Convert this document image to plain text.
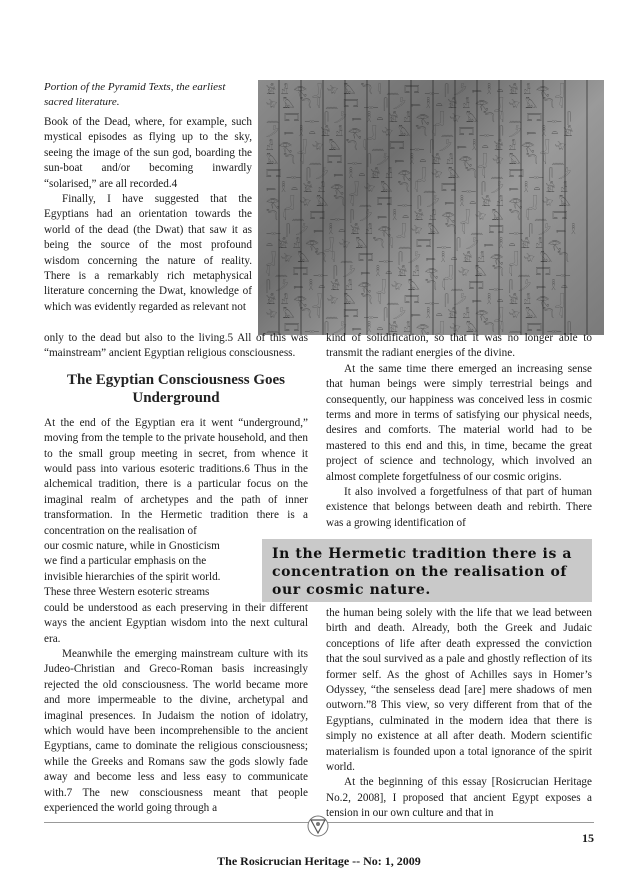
𓀀𓁐𓂀𓃀𓄀𓅓𓆓𓇋𓈖𓉐𓊃𓋴𓌳𓍿𓎛𓏏𓀀𓁐𓂀𓃀𓄀𓅓𓆓𓇋𓈖𓉐𓊃𓋴𓌳𓍿𓎛𓏏𓀀𓁐𓂀𓃀𓄀𓅓𓆓𓇋𓈖𓉐𓊃𓋴𓌳𓍿𓎛𓏏𓀀𓁐𓂀𓃀𓄀𓅓𓆓𓇋𓈖𓉐𓊃𓋴𓌳𓍿𓎛𓏏𓀀𓁐𓂀𓃀𓄀𓅓𓆓𓇋𓈖𓉐𓊃𓋴𓌳𓍿𓎛𓏏𓀀𓁐𓂀𓃀𓄀𓅓𓆓𓇋𓈖𓉐𓊃𓋴𓌳𓍿𓎛𓏏𓀀𓁐𓂀𓃀𓄀𓅓𓆓𓇋𓈖𓉐𓊃𓋴𓌳𓍿𓎛𓏏𓀀𓁐𓂀𓃀𓄀𓅓𓆓𓇋𓈖𓉐𓊃𓋴𓌳𓍿𓎛𓏏𓀀𓁐𓂀𓃀𓄀𓅓𓆓𓇋𓈖𓉐𓊃𓋴𓌳𓍿𓎛𓏏𓀀𓁐𓂀𓃀𓄀𓅓𓆓𓇋𓈖𓉐𓊃𓋴𓌳𓍿𓎛𓏏𓀀𓁐𓂀𓃀𓄀𓅓𓆓𓇋𓈖𓉐𓊃𓋴𓌳𓍿𓎛𓏏𓀀𓁐𓂀𓃀𓄀𓅓𓆓𓇋𓈖𓉐𓊃𓋴𓌳𓍿𓎛𓏏𓀀𓁐𓂀𓃀𓄀𓅓𓆓𓇋𓈖𓉐𓊃𓋴𓌳𓍿𓎛𓏏𓀀𓁐𓂀𓃀𓄀𓅓𓆓𓇋𓈖𓉐𓊃𓋴𓌳𓍿𓎛𓏏𓀀𓁐𓂀𓃀𓄀𓅓𓆓𓇋𓈖𓉐𓊃𓋴𓌳𓍿𓎛𓏏𓀀𓁐𓂀𓃀𓄀𓅓𓆓𓇋𓈖𓉐𓊃𓋴𓌳𓍿𓎛𓏏𓀀𓁐𓂀𓃀𓄀𓅓𓆓𓇋𓈖𓉐𓊃𓋴𓌳𓍿𓎛𓏏𓀀𓁐𓂀𓃀𓄀𓅓𓆓𓇋𓈖𓉐𓊃𓋴𓌳𓍿𓎛𓏏𓀀𓁐𓂀𓃀𓄀𓅓𓆓𓇋𓈖𓉐𓊃𓋴𓌳𓍿𓎛𓏏𓀀𓁐𓂀𓃀𓄀𓅓𓆓𓇋𓈖𓉐𓊃𓋴𓌳𓍿𓎛𓏏𓀀𓁐𓂀𓃀𓄀𓅓𓆓𓇋𓈖𓉐𓊃𓋴𓌳𓍿𓎛𓏏𓀀𓁐𓂀𓃀𓄀𓅓𓆓𓇋𓈖𓉐𓊃𓋴𓌳𓍿𓎛𓏏𓀀𓁐𓂀𓃀𓄀𓅓𓆓𓇋𓈖𓉐𓊃𓋴
Portion of the Pyramid Texts, the earliest sacred literature.

Book of the Dead, where, for example, such mystical episodes as flying up to the sky, seeing the image of the sun god, boarding the sun-boat and/or becoming inwardly “solarised,” are all recorded.4

Finally, I have suggested that the Egyptians had an orientation towards the world of the dead (the Dwat) that saw it as being the source of the most profound wisdom concerning the nature of reality. There is a remarkably rich metaphysical literature concerning the Dwat, knowledge of which was evidently regarded as relevant not

only to the dead but also to the living.5 All of this was “mainstream” ancient Egyptian religious consciousness.

The Egyptian Consciousness Goes Underground

At the end of the Egyptian era it went “underground,” moving from the temple to the private household, and then to the small group meeting in secret, from whence it would pass into various esoteric traditions.6 Thus in the alchemical tradition, there is a particular focus on the imaginal realm of archetypes and the path of inner transformation. In the Hermetic tradition there is a concentration on the realisation of

our cosmic nature, while in Gnosticism

we find a particular emphasis on the

invisible hierarchies of the spirit world.

These three Western esoteric streams

could be understood as each preserving in their different ways the ancient Egyptian wisdom into the next cultural era.

Meanwhile the emerging mainstream culture with its Judeo-Christian and Greco-Roman basis increasingly rejected the old consciousness. The world became more and more impermeable to the divine, archetypal and imaginal presences. In Judaism the notion of idolatry, which would have been incomprehensible to the ancient Egyptians, came to dominate the religious consciousness; while the Greeks and Romans saw the gods slowly fade away and become less and less easy to communicate with.7 The new consciousness meant that people experienced the world going through a

kind of solidification, so that it was no longer able to transmit the radiant energies of the divine.

At the same time there emerged an increasing sense that human beings were simply terrestrial beings and consequently, our happiness was conceived less in cosmic terms and more in terms of satisfying our physical needs, desires and comforts. The material world had to be mastered to this end and this, in time, became the great project of science and technology, which involved an almost complete forgetfulness of our cosmic origins.

It also involved a forgetfulness of that part of human existence that belongs between death and rebirth. There was a growing identification of

In the Hermetic tradition there is a concentration on the realisation of our cosmic nature.

the human being solely with the life that we lead between birth and death. Already, both the Greek and Judaic conceptions of life after death expressed the conviction that the soul survived as a pale and ghostly reflection of its former self. As the ghost of Achilles says in Homer’s Odyssey, “the senseless dead [are] mere shadows of men outworn.”8 This view, so very different from that of the Egyptians, culminated in the modern idea that there is simply no existence at all after death. Modern scientific materialism is founded upon a total ignorance of the spirit world.

At the beginning of this essay [Rosicrucian Heritage No.2, 2008], I proposed that ancient Egypt exposes a tension in our own culture and that in

15
The Rosicrucian Heritage -- No: 1, 2009
